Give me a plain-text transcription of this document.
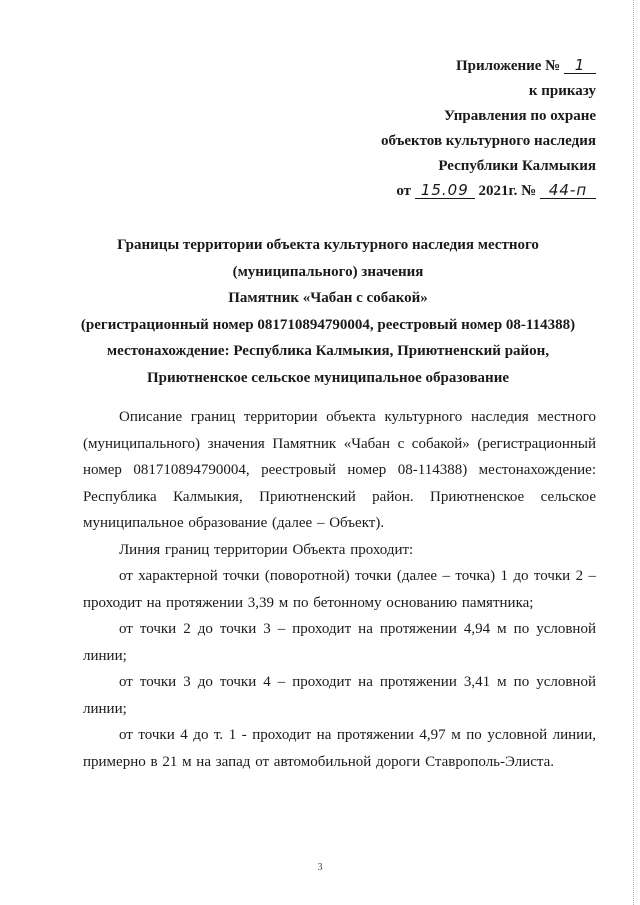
Приложение № 1
к приказу
Управления по охране
объектов культурного наследия
Республики Калмыкия
от 15.09 2021г. № 44-п
Границы территории объекта культурного наследия местного
(муниципального) значения
Памятник «Чабан с собакой»
(регистрационный номер 081710894790004, реестровый номер 08-114388)
местонахождение: Республика Калмыкия, Приютненский район,
Приютненское сельское муниципальное образование

Описание границ территории объекта культурного наследия местного (муниципального) значения Памятник «Чабан с собакой» (регистрационный номер 081710894790004, реестровый номер 08-114388) местонахождение: Республика Калмыкия, Приютненский район. Приютненское сельское муниципальное образование (далее – Объект).

Линия границ территории Объекта проходит:

от характерной точки (поворотной) точки (далее – точка) 1 до точки 2 – проходит на протяжении 3,39 м по бетонному основанию памятника;

от точки 2 до точки 3 – проходит на протяжении 4,94 м по условной линии;

от точки 3 до точки 4 – проходит на протяжении 3,41 м по условной линии;

от точки 4 до т. 1 - проходит на протяжении 4,97 м по условной линии, примерно в 21 м на запад от автомобильной дороги Ставрополь-Элиста.

3
